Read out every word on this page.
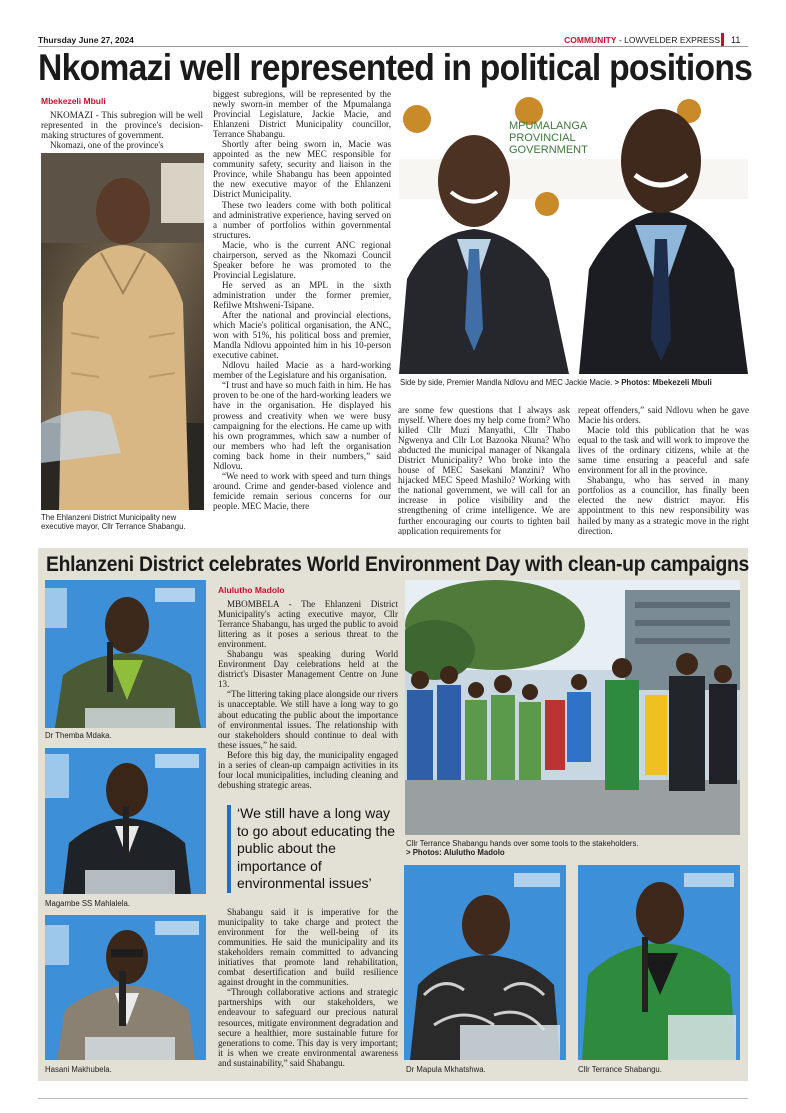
Thursday June 27, 2024	COMMUNITY - LOWVELDER EXPRESS 11
Nkomazi well represented in political positions
Mbekezeli Mbuli

NKOMAZI - This subregion will be well represented in the province's decision-making structures of government.

Nkomazi, one of the province's

The Ehlanzeni District Municipality new executive mayor, Cllr Terrance Shabangu.

biggest subregions, will be represented by the newly sworn-in member of the Mpumalanga Provincial Legislature, Jackie Macie, and Ehlanzeni District Municipality councillor, Terrance Shabangu.

Shortly after being sworn in, Macie was appointed as the new MEC responsible for community safety, security and liaison in the Province, while Shabangu has been appointed the new executive mayor of the Ehlanzeni District Municipality.

These two leaders come with both political and administrative experience, having served on a number of portfolios within governmental structures.

Macie, who is the current ANC regional chairperson, served as the Nkomazi Council Speaker before he was promoted to the Provincial Legislature.

He served as an MPL in the sixth administration under the former premier, Refilwe Mtshweni-Tsipane.

After the national and provincial elections, which Macie's political organisation, the ANC, won with 51%, his political boss and premier, Mandla Ndlovu appointed him in his 10-person executive cabinet.

Ndlovu hailed Macie as a hard-working member of the Legislature and his organisation.

“I trust and have so much faith in him. He has proven to be one of the hard-working leaders we have in the organisation. He displayed his prowess and creativity when we were busy campaigning for the elections. He came up with his own programmes, which saw a number of our members who had left the organisation coming back home in their numbers,” said Ndlovu.

“We need to work with speed and turn things around. Crime and gender-based violence and femicide remain serious concerns for our people. MEC Macie, there

MPUMALANGA
PROVINCIAL
GOVERNMENT
Side by side, Premier Mandla Ndlovu and MEC Jackie Macie. > Photos: Mbekezeli Mbuli

are some few questions that I always ask myself. Where does my help come from? Who killed Cllr Muzi Manyathi, Cllr Thabo Ngwenya and Cllr Lot Bazooka Nkuna? Who abducted the municipal manager of Nkangala District Municipality? Who broke into the house of MEC Sasekani Manzini? Who hijacked MEC Speed Mashilo? Working with the national government, we will call for an increase in police visibility and the strengthening of crime intelligence. We are further encouraging our courts to tighten bail application requirements for

repeat offenders,” said Ndlovu when he gave Macie his orders.

Macie told this publication that he was equal to the task and will work to improve the lives of the ordinary citizens, while at the same time ensuring a peaceful and safe environment for all in the province.

Shabangu, who has served in many portfolios as a councillor, has finally been elected the new district mayor. His appointment to this new responsibility was hailed by many as a strategic move in the right direction.

Ehlanzeni District celebrates World Environment Day with clean-up campaigns
Dr Themba Mdaka.
Magambe SS Mahlalela.
Hasani Makhubela.
Alulutho Madolo

MBOMBELA - The Ehlanzeni District Municipality's acting executive mayor, Cllr Terrance Shabangu, has urged the public to avoid littering as it poses a serious threat to the environment.

Shabangu was speaking during World Environment Day celebrations held at the district's Disaster Management Centre on June 13.

“The littering taking place alongside our rivers is unacceptable. We still have a long way to go about educating the public about the importance of environmental issues. The relationship with our stakeholders should continue to deal with these issues,” he said.

Before this big day, the municipality engaged in a series of clean-up campaign activities in its four local municipalities, including cleaning and debushing strategic areas.

‘We still have a long way to go about educating the public about the importance of environmental issues’

Shabangu said it is imperative for the municipality to take charge and protect the environment for the well-being of its communities. He said the municipality and its stakeholders remain committed to advancing initiatives that promote land rehabilitation, combat desertification and build resilience against drought in the communities.

“Through collaborative actions and strategic partnerships with our stakeholders, we endeavour to safeguard our precious natural resources, mitigate environment degradation and secure a healthier, more sustainable future for generations to come. This day is very important; it is when we create environmental awareness and sustainability,” said Shabangu.

Cllr Terrance Shabangu hands over some tools to the stakeholders.
> Photos: Alulutho Madolo
Dr Mapula Mkhatshwa.	Cllr Terrance Shabangu.
